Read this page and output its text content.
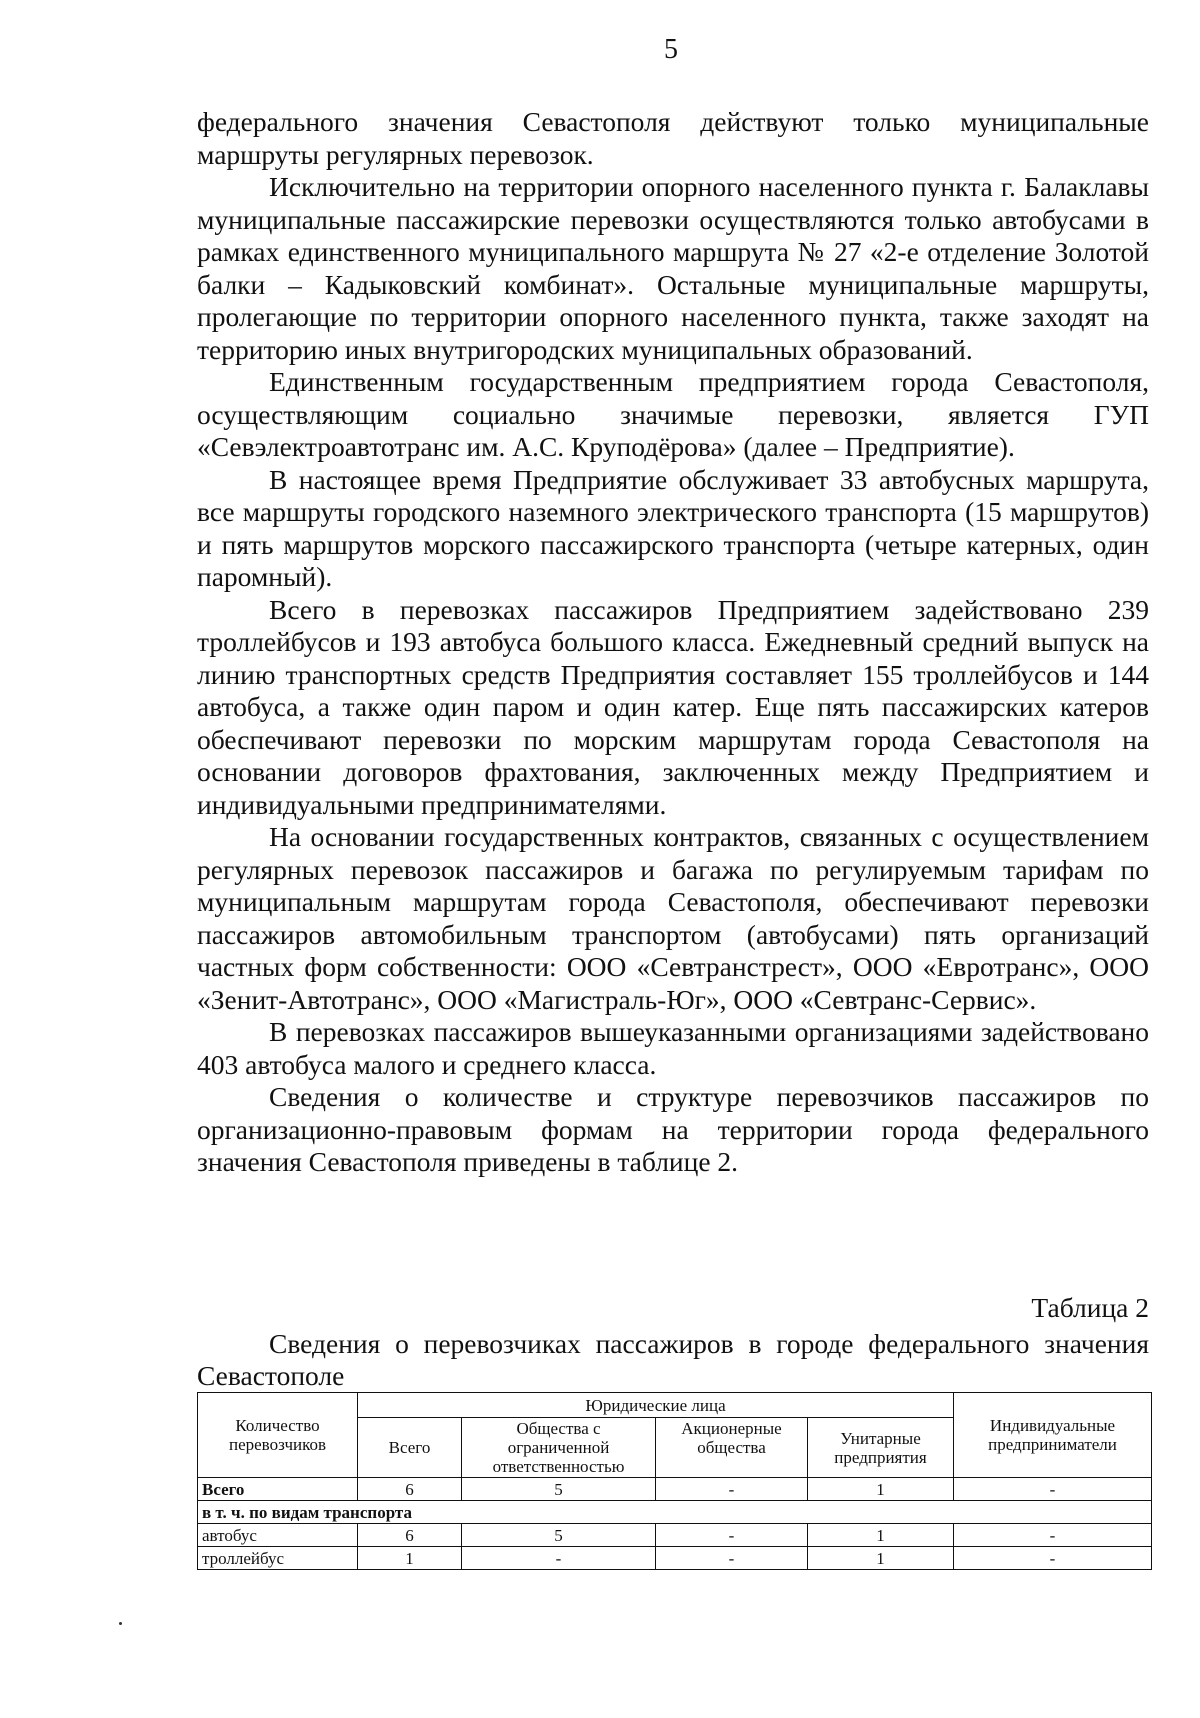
5

федерального значения Севастополя действуют только муниципальные маршруты регулярных перевозок.

Исключительно на территории опорного населенного пункта г. Балаклавы муниципальные пассажирские перевозки осуществляются только автобусами в рамках единственного муниципального маршрута № 27 «2-е отделение Золотой балки – Кадыковский комбинат». Остальные муниципальные маршруты, пролегающие по территории опорного населенного пункта, также заходят на территорию иных внутригородских муниципальных образований.

Единственным государственным предприятием города Севастополя, осуществляющим социально значимые перевозки, является ГУП «Севэлектроавтотранс им. А.С. Круподёрова» (далее – Предприятие).

В настоящее время Предприятие обслуживает 33 автобусных маршрута, все маршруты городского наземного электрического транспорта (15 маршрутов) и пять маршрутов морского пассажирского транспорта (четыре катерных, один паромный).

Всего в перевозках пассажиров Предприятием задействовано 239 троллейбусов и 193 автобуса большого класса. Ежедневный средний выпуск на линию транспортных средств Предприятия составляет 155 троллейбусов и 144 автобуса, а также один паром и один катер. Еще пять пассажирских катеров обеспечивают перевозки по морским маршрутам города Севастополя на основании договоров фрахтования, заключенных между Предприятием и индивидуальными предпринимателями.

На основании государственных контрактов, связанных с осуществлением регулярных перевозок пассажиров и багажа по регулируемым тарифам по муниципальным маршрутам города Севастополя, обеспечивают перевозки пассажиров автомобильным транспортом (автобусами) пять организаций частных форм собственности: ООО «Севтранстрест», ООО «Евротранс», ООО «Зенит-Автотранс», ООО «Магистраль-Юг», ООО «Севтранс-Сервис».

В перевозках пассажиров вышеуказанными организациями задействовано 403 автобуса малого и среднего класса.

Сведения о количестве и структуре перевозчиков пассажиров по организационно-правовым формам на территории города федерального значения Севастополя приведены в таблице 2.

Таблица 2

Сведения о перевозчиках пассажиров в городе федерального значения Севастополе

Количество перевозчиков	Юридические лица				Индивидуальные предприниматели
	Всего	Общества с ограниченной ответственностью	Акционерные общества	Унитарные предприятия	
Всего	6	5	-	1	-
в т. ч. по видам транспорта					
автобус	6	5	-	1	-
троллейбус	1	-	-	1	-
